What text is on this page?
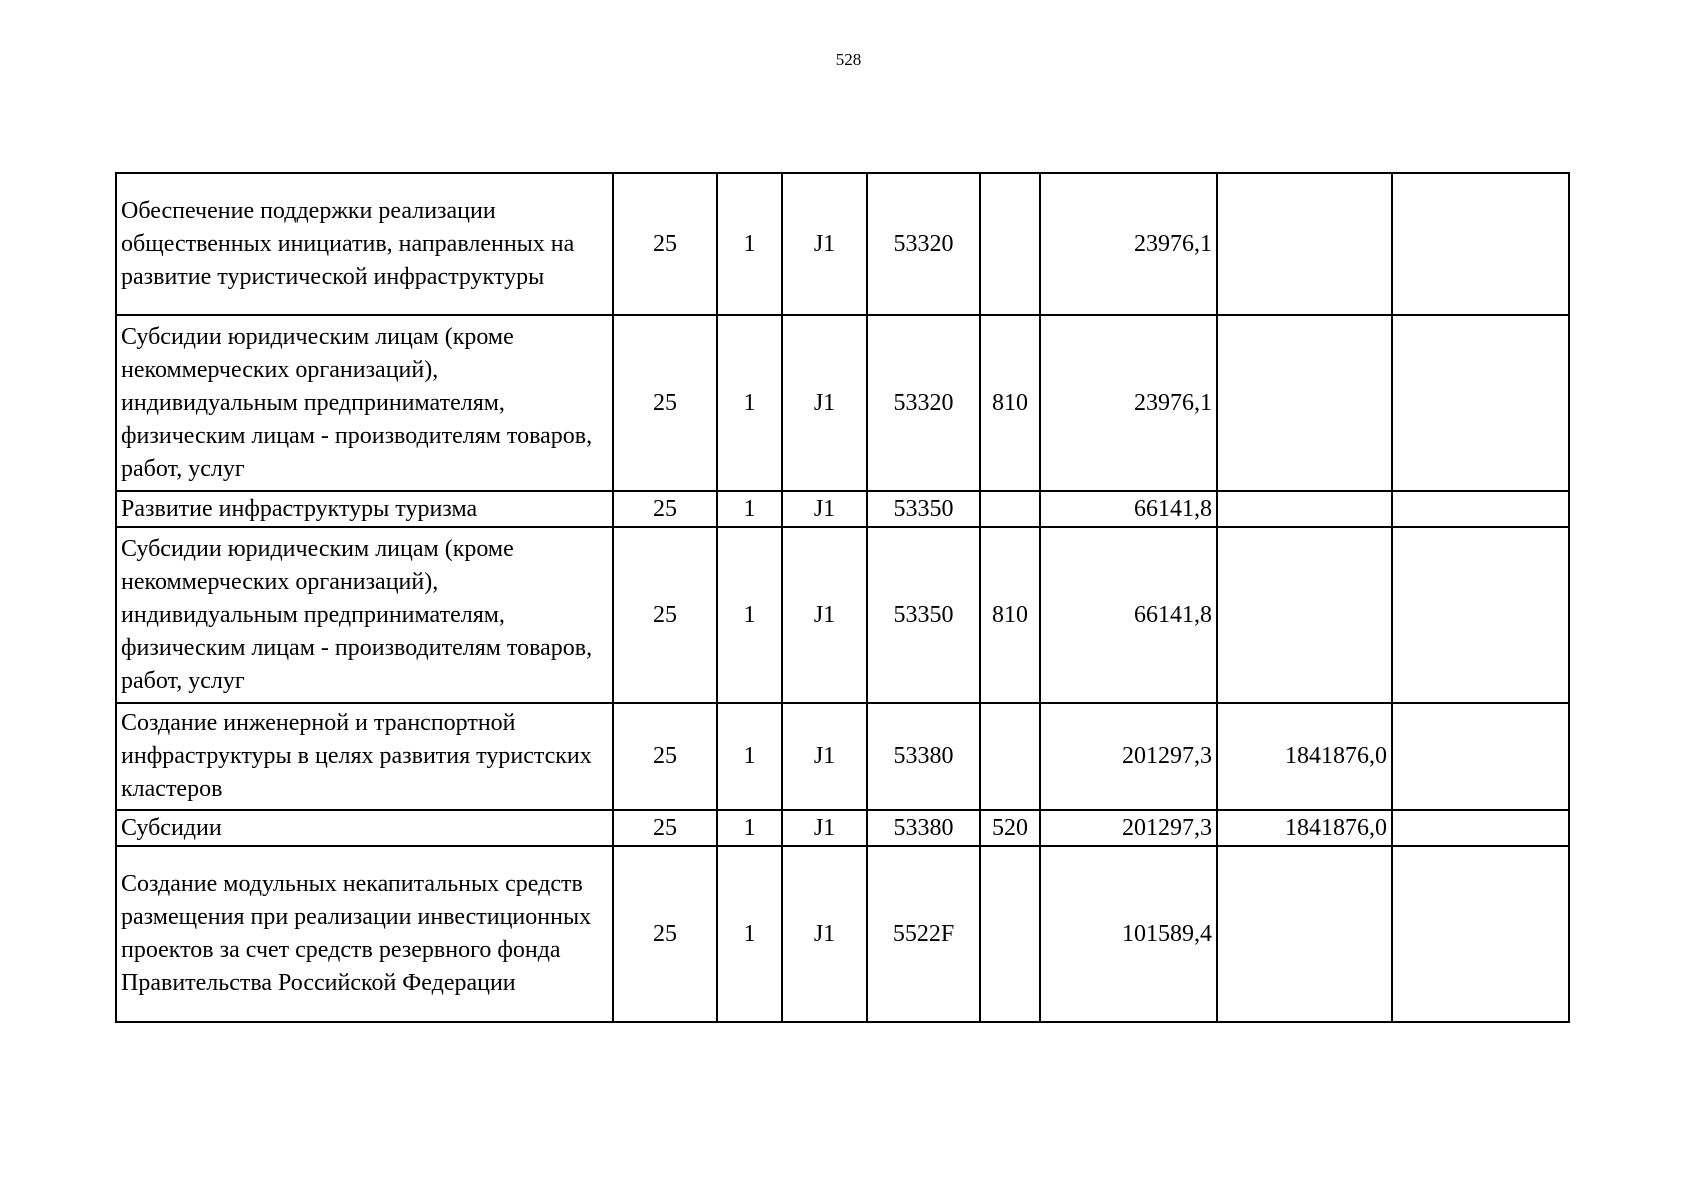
528
Обеспечение поддержки реализации общественных инициатив, направленных на развитие туристической инфраструктуры	25	1	J1	53320		23976,1		
Субсидии юридическим лицам (кроме некоммерческих организаций), индивидуальным предпринимателям, физическим лицам - производителям товаров, работ, услуг	25	1	J1	53320	810	23976,1		
Развитие инфраструктуры туризма	25	1	J1	53350		66141,8		
Субсидии юридическим лицам (кроме некоммерческих организаций), индивидуальным предпринимателям, физическим лицам - производителям товаров, работ, услуг	25	1	J1	53350	810	66141,8		
Создание инженерной и транспортной инфраструктуры в целях развития туристских кластеров	25	1	J1	53380		201297,3	1841876,0	
Субсидии	25	1	J1	53380	520	201297,3	1841876,0	
Создание модульных некапитальных средств размещения при реализации инвестиционных проектов за счет средств резервного фонда Правительства Российской Федерации	25	1	J1	5522F		101589,4		
